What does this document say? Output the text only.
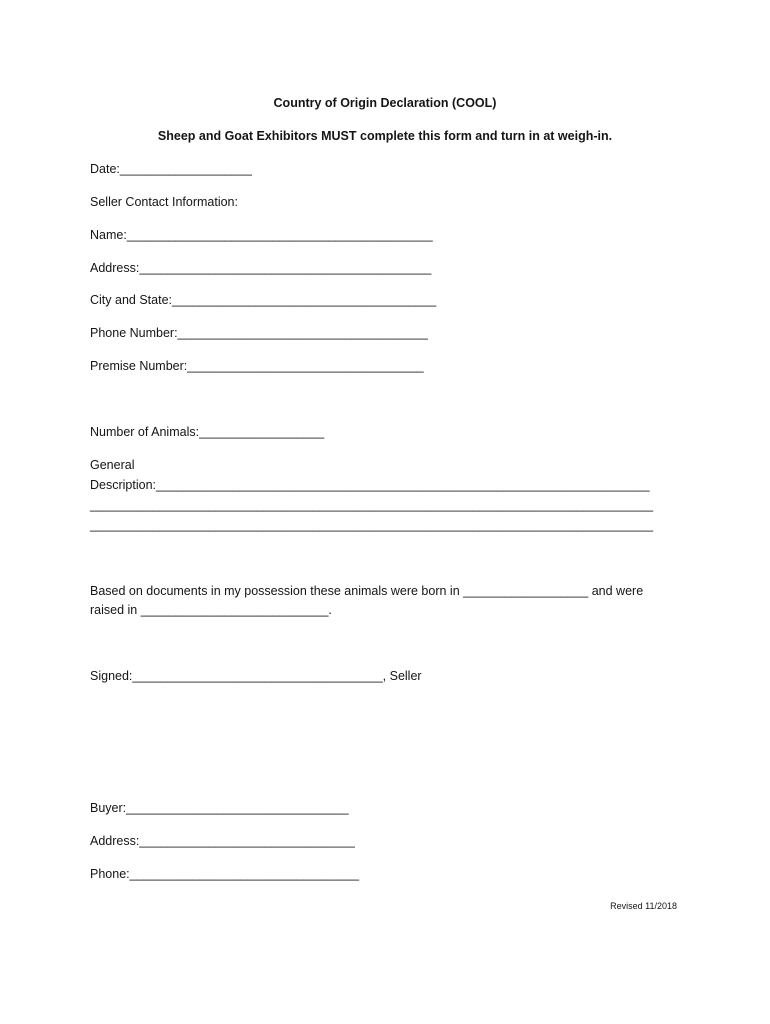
Country of Origin Declaration (COOL)
Sheep and Goat Exhibitors MUST complete this form and turn in at weigh-in.
Date:___________________
Seller Contact Information:
Name:____________________________________________
Address:__________________________________________
City and State:______________________________________
Phone Number:____________________________________
Premise Number:__________________________________
Number of Animals:__________________
General
Description:_______________________________________________________________________
_________________________________________________________________________________
_________________________________________________________________________________
Based on documents in my possession these animals were born in __________________ and were
raised in ___________________________.
Signed:____________________________________, Seller
Buyer:________________________________
Address:_______________________________
Phone:_________________________________
Revised 11/2018
